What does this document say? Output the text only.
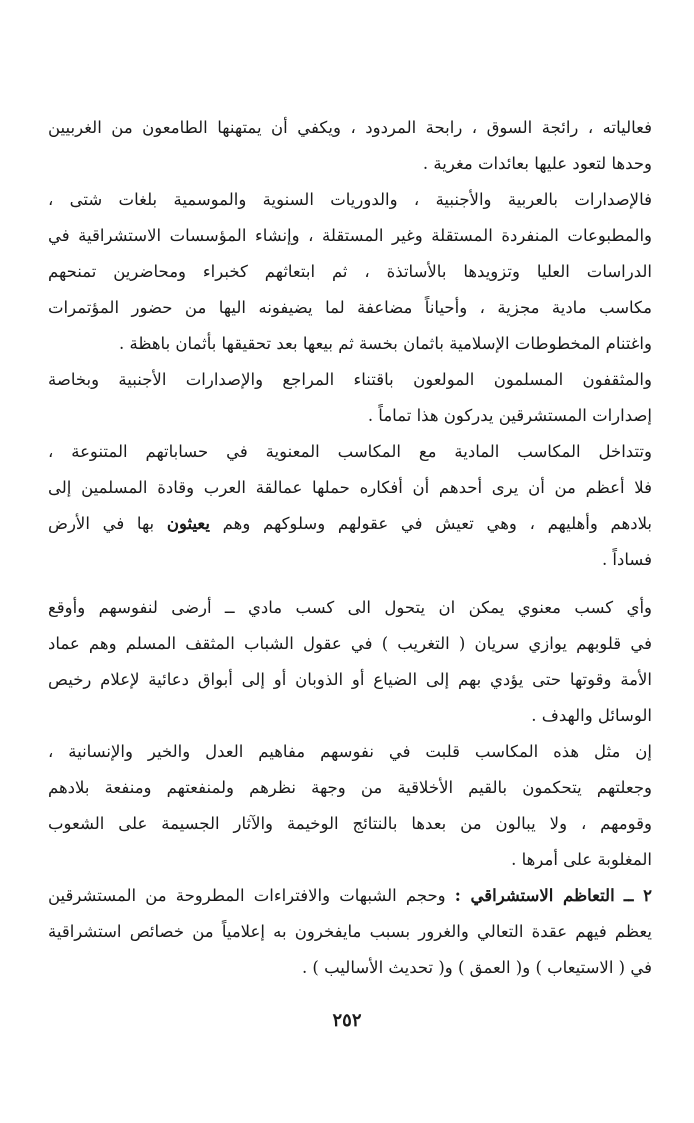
فعالياته ، رائجة السوق ، رابحة المردود ، ويكفي أن يمتهنها الطامعون من الغربيين
وحدها لتعود عليها بعائدات مغرية .

فالإصدارات بالعربية والأجنبية ، والدوريات السنوية والموسمية بلغات شتى ،
والمطبوعات المنفردة المستقلة وغير المستقلة ، وإنشاء المؤسسات الاستشراقية في
الدراسات العليا وتزويدها بالأساتذة ، ثم ابتعاثهم كخبراء ومحاضرين تمنحهم
مكاسب مادية مجزية ، وأحياناً مضاعفة لما يضيفونه اليها من حضور المؤتمرات
واغتنام المخطوطات الإسلامية باثمان بخسة ثم بيعها بعد تحقيقها بأثمان باهظة .

والمثقفون المسلمون المولعون باقتناء المراجع والإصدارات الأجنبية وبخاصة
إصدارات المستشرقين يدركون هذا تماماً .

وتتداخل المكاسب المادية مع المكاسب المعنوية في حساباتهم المتنوعة ،
فلا أعظم من أن يرى أحدهم أن أفكاره حملها عمالقة العرب وقادة المسلمين إلى
بلادهم وأهليهم ، وهي تعيش في عقولهم وسلوكهم وهم يعيثون بها في الأرض
فساداً .

وأي كسب معنوي يمكن ان يتحول الى كسب مادي ــ أرضى لنفوسهم وأوقع
في قلوبهم يوازي سريان ( التغريب ) في عقول الشباب المثقف المسلم وهم عماد
الأمة وقوتها حتى يؤدي بهم إلى الضياع أو الذوبان أو إلى أبواق دعائية لإعلام رخيص
الوسائل والهدف .

إن مثل هذه المكاسب قلبت في نفوسهم مفاهيم العدل والخير والإنسانية ،
وجعلتهم يتحكمون بالقيم الأخلاقية من وجهة نظرهم ولمنفعتهم ومنفعة بلادهم
وقومهم ، ولا يبالون من بعدها بالنتائج الوخيمة والآثار الجسيمة على الشعوب
المغلوبة على أمرها .

٢ ــ التعاظم الاستشراقي : وحجم الشبهات والافتراءات المطروحة من المستشرقين
يعظم فيهم عقدة التعالي والغرور بسبب مايفخرون به إعلامياً من خصائص استشراقية
في ( الاستيعاب ) و( العمق ) و( تحديث الأساليب ) .

٢٥٢
